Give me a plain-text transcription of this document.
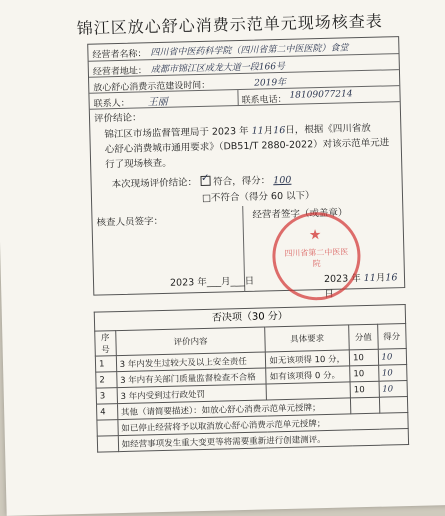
锦江区放心舒心消费示范单元现场核查表
经营者名称： 四川省中医药科学院（四川省第二中医医院）食堂
经营者地址： 成都市锦江区成龙大道一段166号
放心舒心消费示范建设时间：	2019年
联系人： 王丽	联系电话： 18109077214
评价结论：
锦江区市场监督管理局于 2023 年 11月16日，根据《四川省放
心舒心消费城市通用要求》（DB51/T 2880-2022）对该示范单元进
行了现场核查。
本次现场评价结论： ✓ 符合，得分： 100
□不符合（得分 60 以下）
核查人员签字：
经营者签字（或盖章）
2023 年___月___日	2023 年 11月16日
四川省第二中医医院
★
否决项（30 分）
序号	评价内容	具体要求	分值	得分
1	3 年内发生过较大及以上安全责任	如无该项得 10 分，	10	10
2	3 年内有关部门质量监督检查不合格	如有该项得 0 分。	10	10
3	3 年内受到过行政处罚		10	10
4	其他（请简要描述）：如放心舒心消费示范单元授牌；			
	如已停止经营将予以取消放心舒心消费示范单元授牌；			
	如经营事项发生重大变更等将需要重新进行创建测评。			
